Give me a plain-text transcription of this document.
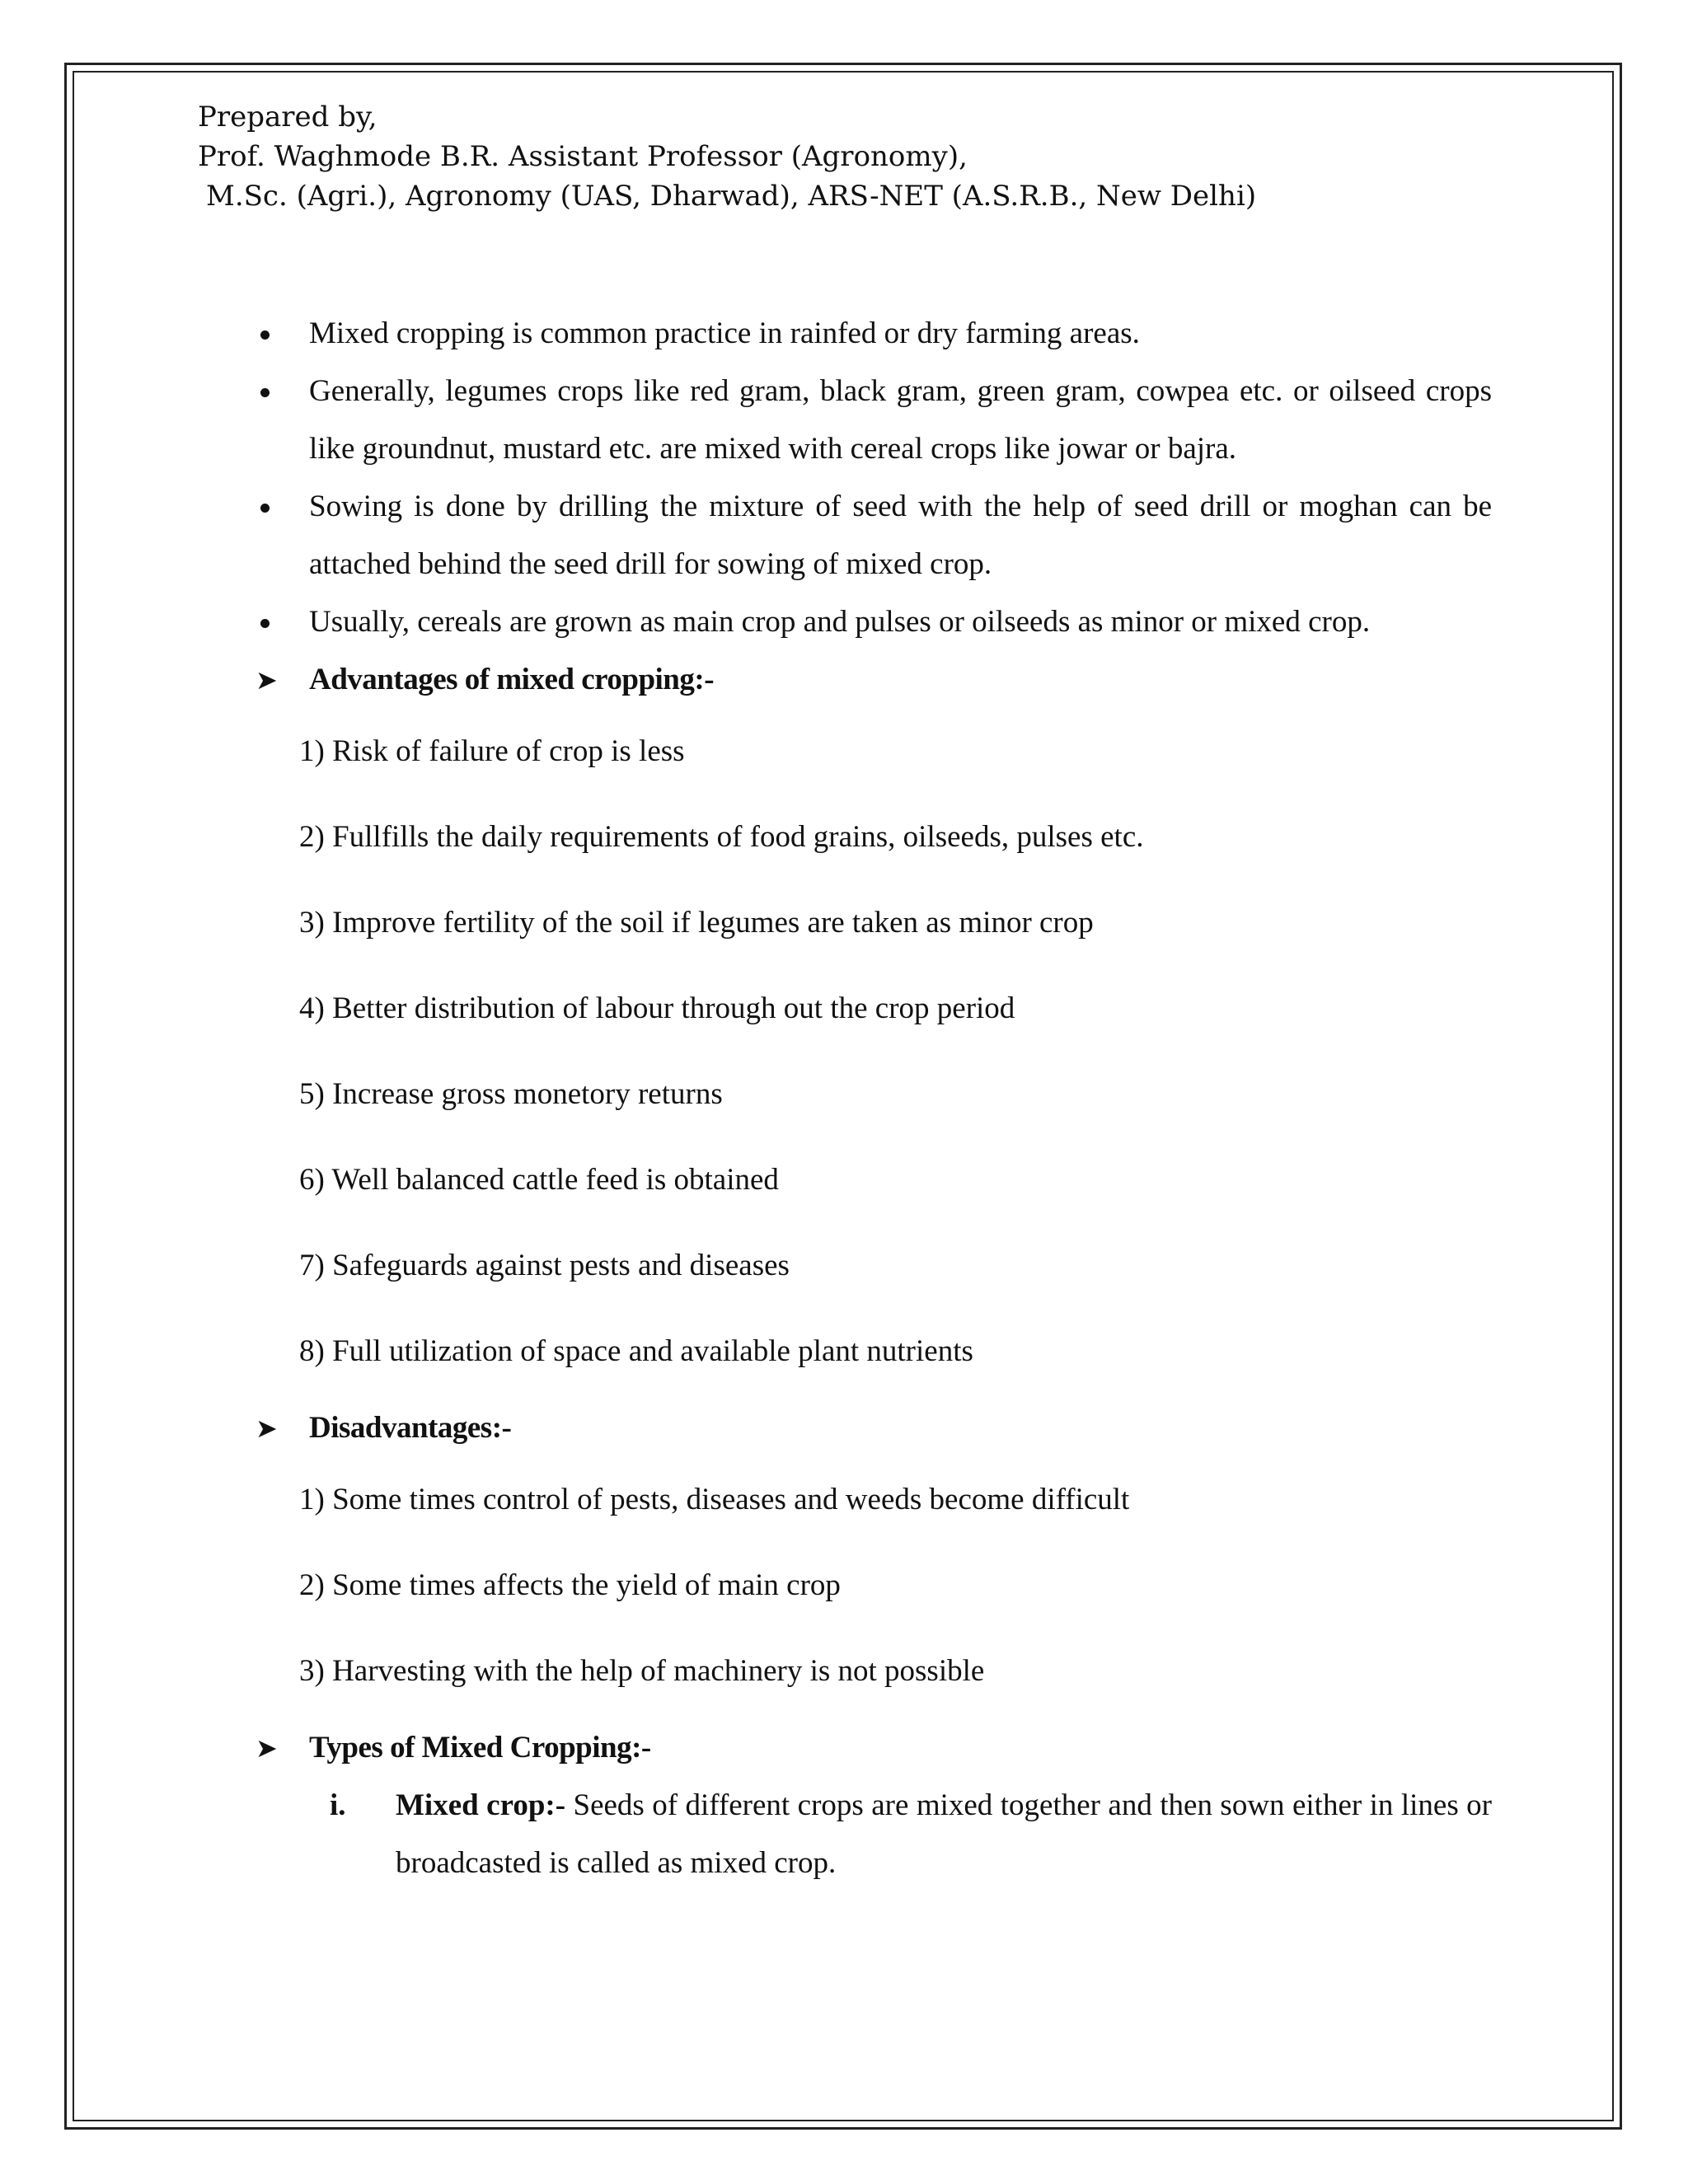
Prepared by,
Prof. Waghmode B.R. Assistant Professor (Agronomy),
M.Sc. (Agri.), Agronomy (UAS, Dharwad), ARS-NET (A.S.R.B., New Delhi)
Mixed cropping is common practice in rainfed or dry farming areas.
Generally, legumes crops like red gram, black gram, green gram, cowpea etc. or oilseed crops like groundnut, mustard etc. are mixed with cereal crops like jowar or bajra.
Sowing is done by drilling the mixture of seed with the help of seed drill or moghan can be attached behind the seed drill for sowing of mixed crop.
Usually, cereals are grown as main crop and pulses or oilseeds as minor or mixed crop.
➤ Advantages of mixed cropping:-
1) Risk of failure of crop is less
2) Fullfills the daily requirements of food grains, oilseeds, pulses etc.
3) Improve fertility of the soil if legumes are taken as minor crop
4) Better distribution of labour through out the crop period
5) Increase gross monetory returns
6) Well balanced cattle feed is obtained
7) Safeguards against pests and diseases
8) Full utilization of space and available plant nutrients
➤ Disadvantages:-
1) Some times control of pests, diseases and weeds become difficult
2) Some times affects the yield of main crop
3) Harvesting with the help of machinery is not possible
➤ Types of Mixed Cropping:-
i. Mixed crop:- Seeds of different crops are mixed together and then sown either in lines or broadcasted is called as mixed crop.
